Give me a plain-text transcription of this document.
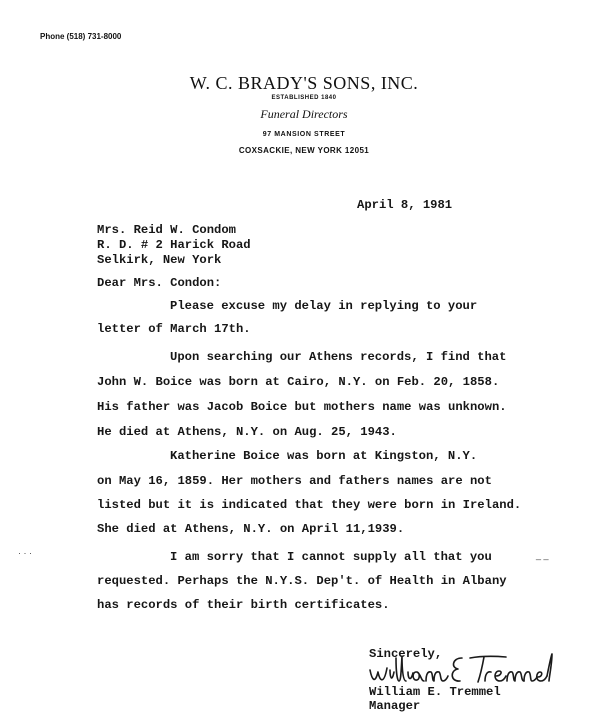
Phone (518) 731-8000
W. C. BRADY'S SONS, INC.
ESTABLISHED 1840
Funeral Directors
97 MANSION STREET
COXSACKIE, NEW YORK 12051
April 8, 1981
Mrs. Reid W. Condom
R. D. # 2 Harick Road
Selkirk, New York
Dear Mrs. Condon:
Please excuse my delay in replying to your
letter of March 17th.
Upon searching our Athens records, I find that
John W. Boice was born at Cairo, N.Y. on Feb. 20, 1858.
His father was Jacob Boice but mothers name was unknown.
He died at Athens, N.Y. on Aug. 25, 1943.
Katherine Boice was born at Kingston, N.Y.
on May 16, 1859. Her mothers and fathers names are not
listed but it is indicated that they were born in Ireland.
She died at Athens, N.Y. on April 11,1939.
I am sorry that I cannot supply all that you
requested. Perhaps the N.Y.S. Dep't. of Health in Albany
has records of their birth certificates.
Sincerely,
William E. Tremmel
Manager
· · ·	_ _
